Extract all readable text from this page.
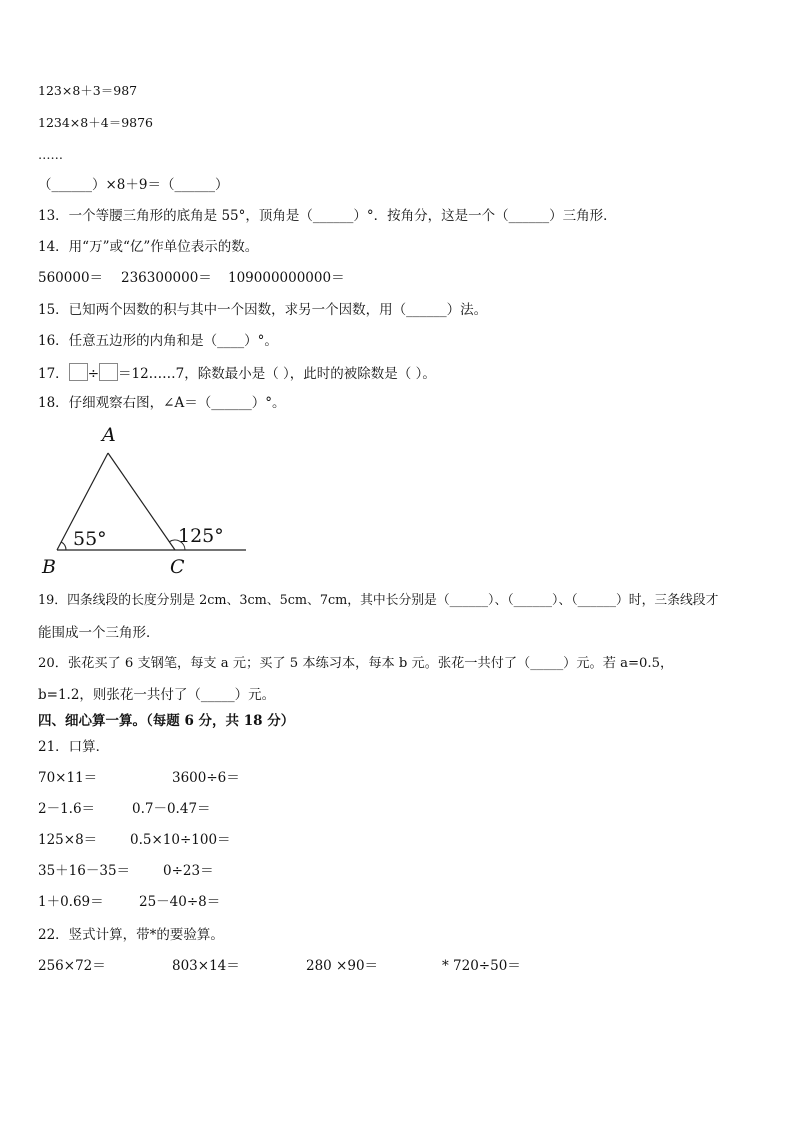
123×8＋3＝987

1234×8＋4＝9876

……

（______）×8＋9＝（______）

13．一个等腰三角形的底角是 55°，顶角是（______）°．按角分，这是一个（______）三角形．

14．用“万”或“亿”作单位表示的数。

560000＝ 236300000＝ 109000000000＝

15．已知两个因数的积与其中一个因数，求另一个因数，用（______）法。

16．任意五边形的内角和是（____）°。

17． ÷ ＝12……7，除数最小是（ ），此时的被除数是（ ）。

18．仔细观察右图，∠A＝（______）°。

A
B	C
55°	125°

19．四条线段的长度分别是 2cm、3cm、5cm、7cm，其中长分别是（______）、（______）、（______）时，三条线段才

能围成一个三角形．

20．张花买了 6 支钢笔，每支 a 元；买了 5 本练习本，每本 b 元。张花一共付了（_____）元。若 a=0.5，

b=1.2，则张花一共付了（_____）元。

四、细心算一算。（每题 6 分，共 18 分）

21．口算．

70×11＝	3600÷6＝
2－1.6＝	0.7－0.47＝
125×8＝ 0.5×10÷100＝
35＋16－35＝ 0÷23＝
1＋0.69＝	25－40÷8＝

22．竖式计算，带*的要验算。

256×72＝	803×14＝	280 ×90＝	* 720÷50＝
